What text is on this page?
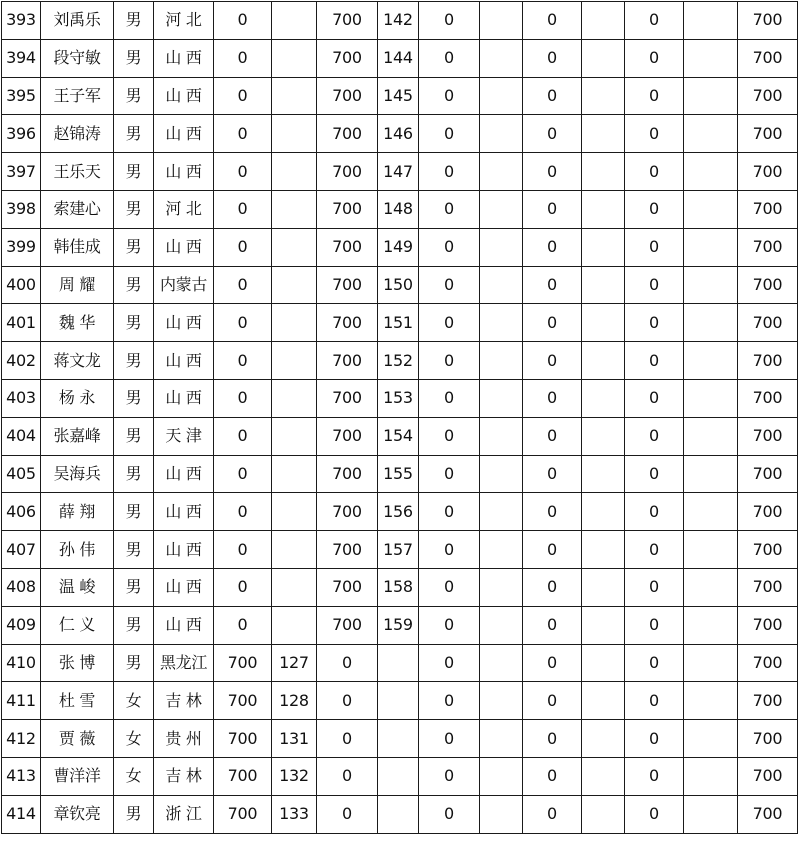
393	刘禹乐	男	河 北	0		700	142	0		0		0		700
394	段守敏	男	山 西	0		700	144	0		0		0		700
395	王子军	男	山 西	0		700	145	0		0		0		700
396	赵锦涛	男	山 西	0		700	146	0		0		0		700
397	王乐天	男	山 西	0		700	147	0		0		0		700
398	索建心	男	河 北	0		700	148	0		0		0		700
399	韩佳成	男	山 西	0		700	149	0		0		0		700
400	周 耀	男	内蒙古	0		700	150	0		0		0		700
401	魏 华	男	山 西	0		700	151	0		0		0		700
402	蒋文龙	男	山 西	0		700	152	0		0		0		700
403	杨 永	男	山 西	0		700	153	0		0		0		700
404	张嘉峰	男	天 津	0		700	154	0		0		0		700
405	吴海兵	男	山 西	0		700	155	0		0		0		700
406	薛 翔	男	山 西	0		700	156	0		0		0		700
407	孙 伟	男	山 西	0		700	157	0		0		0		700
408	温 峻	男	山 西	0		700	158	0		0		0		700
409	仁 义	男	山 西	0		700	159	0		0		0		700
410	张 博	男	黑龙江	700	127	0		0		0		0		700
411	杜 雪	女	吉 林	700	128	0		0		0		0		700
412	贾 薇	女	贵 州	700	131	0		0		0		0		700
413	曹洋洋	女	吉 林	700	132	0		0		0		0		700
414	章钦亮	男	浙 江	700	133	0		0		0		0		700
